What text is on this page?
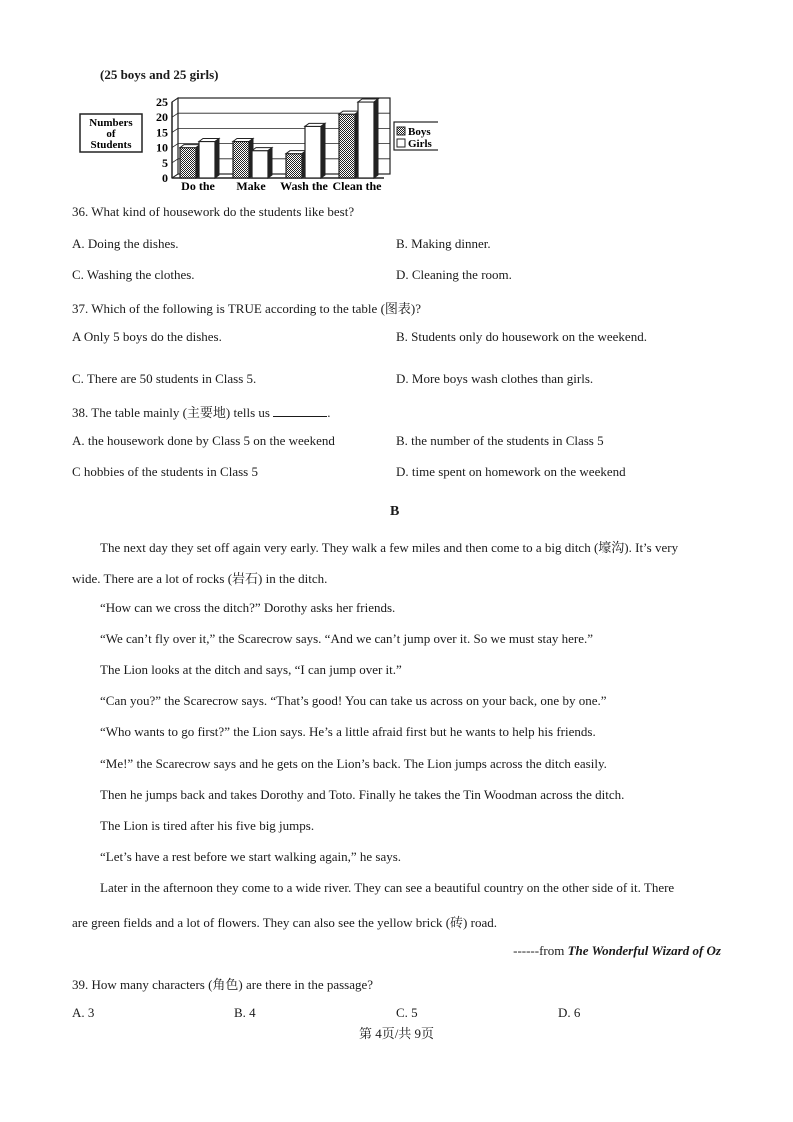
(25 boys and 25 girls)
Numbers
of
Students
0
5
10
15
20
25
Do the Make Wash the Clean the
Boys
Girls
36. What kind of housework do the students like best?
A. Doing the dishes.	B. Making dinner.
C. Washing the clothes.	D. Cleaning the room.
37. Which of the following is TRUE according to the table (图表)?
A Only 5 boys do the dishes.	B. Students only do housework on the weekend.
C. There are 50 students in Class 5.	D. More boys wash clothes than girls.
38. The table mainly (主要地) tells us	.
A. the housework done by Class 5 on the weekend	B. the number of the students in Class 5
C hobbies of the students in Class 5	D. time spent on homework on the weekend
B
The next day they set off again very early. They walk a few miles and then come to a big ditch (壕沟). It’s very
wide. There are a lot of rocks (岩石) in the ditch.
“How can we cross the ditch?” Dorothy asks her friends.
“We can’t fly over it,” the Scarecrow says. “And we can’t jump over it. So we must stay here.”
The Lion looks at the ditch and says, “I can jump over it.”
“Can you?” the Scarecrow says. “That’s good! You can take us across on your back, one by one.”
“Who wants to go first?” the Lion says. He’s a little afraid first but he wants to help his friends.
“Me!” the Scarecrow says and he gets on the Lion’s back. The Lion jumps across the ditch easily.
Then he jumps back and takes Dorothy and Toto. Finally he takes the Tin Woodman across the ditch.
The Lion is tired after his five big jumps.
“Let’s have a rest before we start walking again,” he says.
Later in the afternoon they come to a wide river. They can see a beautiful country on the other side of it. There
are green fields and a lot of flowers. They can also see the yellow brick (砖) road.
------from The Wonderful Wizard of Oz
39. How many characters (角色) are there in the passage?
A. 3	B. 4	C. 5	D. 6
第 4页/共 9页
